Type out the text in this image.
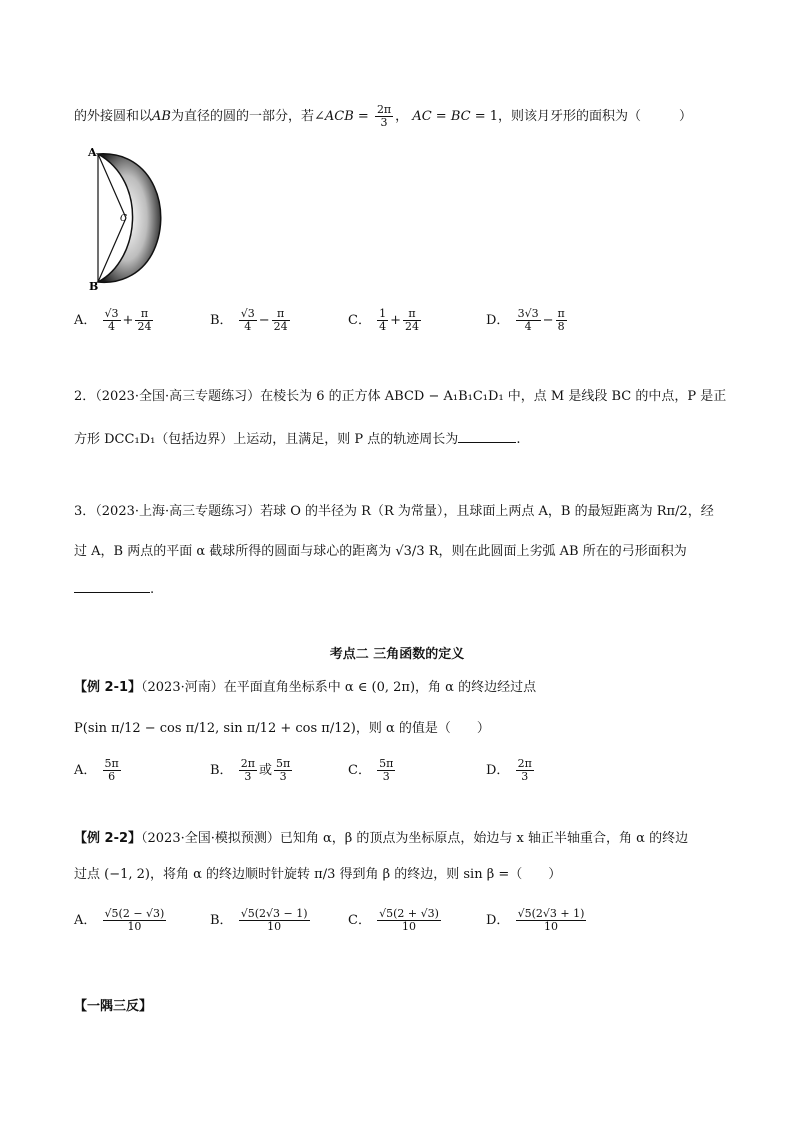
的外接圆和以AB为直径的圆的一部分，若∠ACB = $\frac{2\pi}{3}$ ， AC = BC = 1，则该月牙形的面积为（	）
A
B
C
A． $\frac{√3}{4} + \frac{\pi}{24}$	B． $\frac{√3}{4} - \frac{\pi}{24}$	C． $\frac{1}{4} + \frac{\pi}{24}$	D． $\frac{3√3}{4} - \frac{\pi}{8}$
2．（2023·全国·高三专题练习）在棱长为 6 的正方体 ABCD − A₁B₁C₁D₁ 中，点 M 是线段 BC 的中点，P 是正
方形 DCC₁D₁（包括边界）上运动，且满足，则 P 点的轨迹周长为	.
3．（2023·上海·高三专题练习）若球 O 的半径为 R（R 为常量），且球面上两点 A，B 的最短距离为 Rπ/2，经
过 A，B 两点的平面 α 截球所得的圆面与球心的距离为 √3/3 R，则在此圆面上劣弧 AB 所在的弓形面积为
.
考点二 三角函数的定义
【例 2-1】（2023·河南）在平面直角坐标系中 α ∈ (0, 2π)，角 α 的终边经过点
P(sin π/12 − cos π/12, sin π/12 + cos π/12)，则 α 的值是（　　）
A． $\frac{5\pi}{6}$	B． $\frac{2\pi}{3}$ 或 $\frac{5\pi}{3}$	C． $\frac{5\pi}{3}$	D． $\frac{2\pi}{3}$
【例 2-2】（2023·全国·模拟预测）已知角 α，β 的顶点为坐标原点，始边与 x 轴正半轴重合，角 α 的终边
过点 (−1, 2)，将角 α 的终边顺时针旋转 π/3 得到角 β 的终边，则 sin β =（　　）
A． $\frac{√5(2 - √3)}{10}$	B． $\frac{√5(2√3 - 1)}{10}$	C． $\frac{√5(2 + √3)}{10}$	D． $\frac{√5(2√3 + 1)}{10}$
【一隅三反】
